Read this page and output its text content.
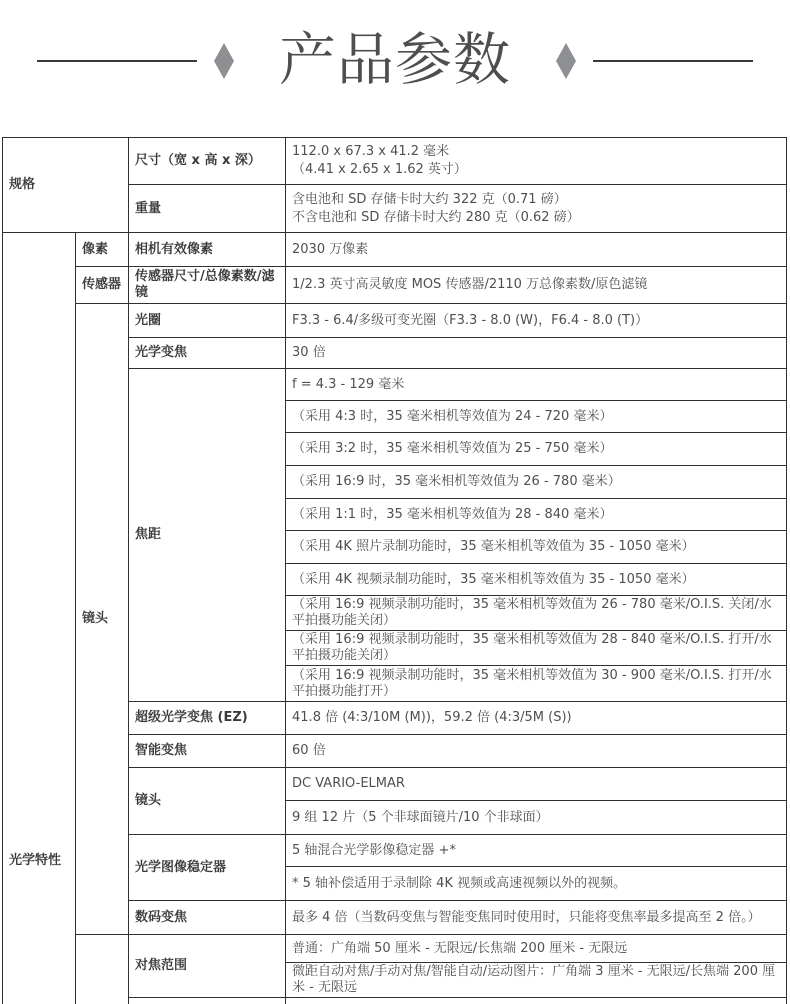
产品参数
规格		尺寸（宽 x 高 x 深）	112.0 x 67.3 x 41.2 毫米
（4.41 x 2.65 x 1.62 英寸）

		重量	含电池和 SD 存储卡时大约 322 克（0.71 磅）
不含电池和 SD 存储卡时大约 280 克（0.62 磅）

光学特性	像素	相机有效像素	2030 万像素
	传感器	传感器尺寸/总像素数/滤镜	1/2.3 英寸高灵敏度 MOS 传感器/2110 万总像素数/原色滤镜
	镜头	光圈	F3.3 - 6.4/多级可变光圈（F3.3 - 8.0 (W)，F6.4 - 8.0 (T)）
		光学变焦	30 倍
		焦距	f = 4.3 - 129 毫米
			（采用 4:3 时，35 毫米相机等效值为 24 - 720 毫米）
			（采用 3:2 时，35 毫米相机等效值为 25 - 750 毫米）
			（采用 16:9 时，35 毫米相机等效值为 26 - 780 毫米）
			（采用 1:1 时，35 毫米相机等效值为 28 - 840 毫米）
			（采用 4K 照片录制功能时，35 毫米相机等效值为 35 - 1050 毫米）
			（采用 4K 视频录制功能时，35 毫米相机等效值为 35 - 1050 毫米）
			（采用 16:9 视频录制功能时，35 毫米相机等效值为 26 - 780 毫米/O.I.S. 关闭/水平拍摄功能关闭）
			（采用 16:9 视频录制功能时，35 毫米相机等效值为 28 - 840 毫米/O.I.S. 打开/水平拍摄功能关闭）
			（采用 16:9 视频录制功能时，35 毫米相机等效值为 30 - 900 毫米/O.I.S. 打开/水平拍摄功能打开）
		超级光学变焦 (EZ)	41.8 倍 (4:3/10M (M))，59.2 倍 (4:3/5M (S))
		智能变焦	60 倍
		镜头	DC VARIO-ELMAR
			9 组 12 片（5 个非球面镜片/10 个非球面）
		光学图像稳定器	5 轴混合光学影像稳定器 +*
			* 5 轴补偿适用于录制除 4K 视频或高速视频以外的视频。
		数码变焦	最多 4 倍（当数码变焦与智能变焦同时使用时，只能将变焦率最多提高至 2 倍。）
		对焦范围	普通：广角端 50 厘米 - 无限远/长焦端 200 厘米 - 无限远
			微距自动对焦/手动对焦/智能自动/运动图片：广角端 3 厘米 - 无限远/长焦端 200 厘米 - 无限远
